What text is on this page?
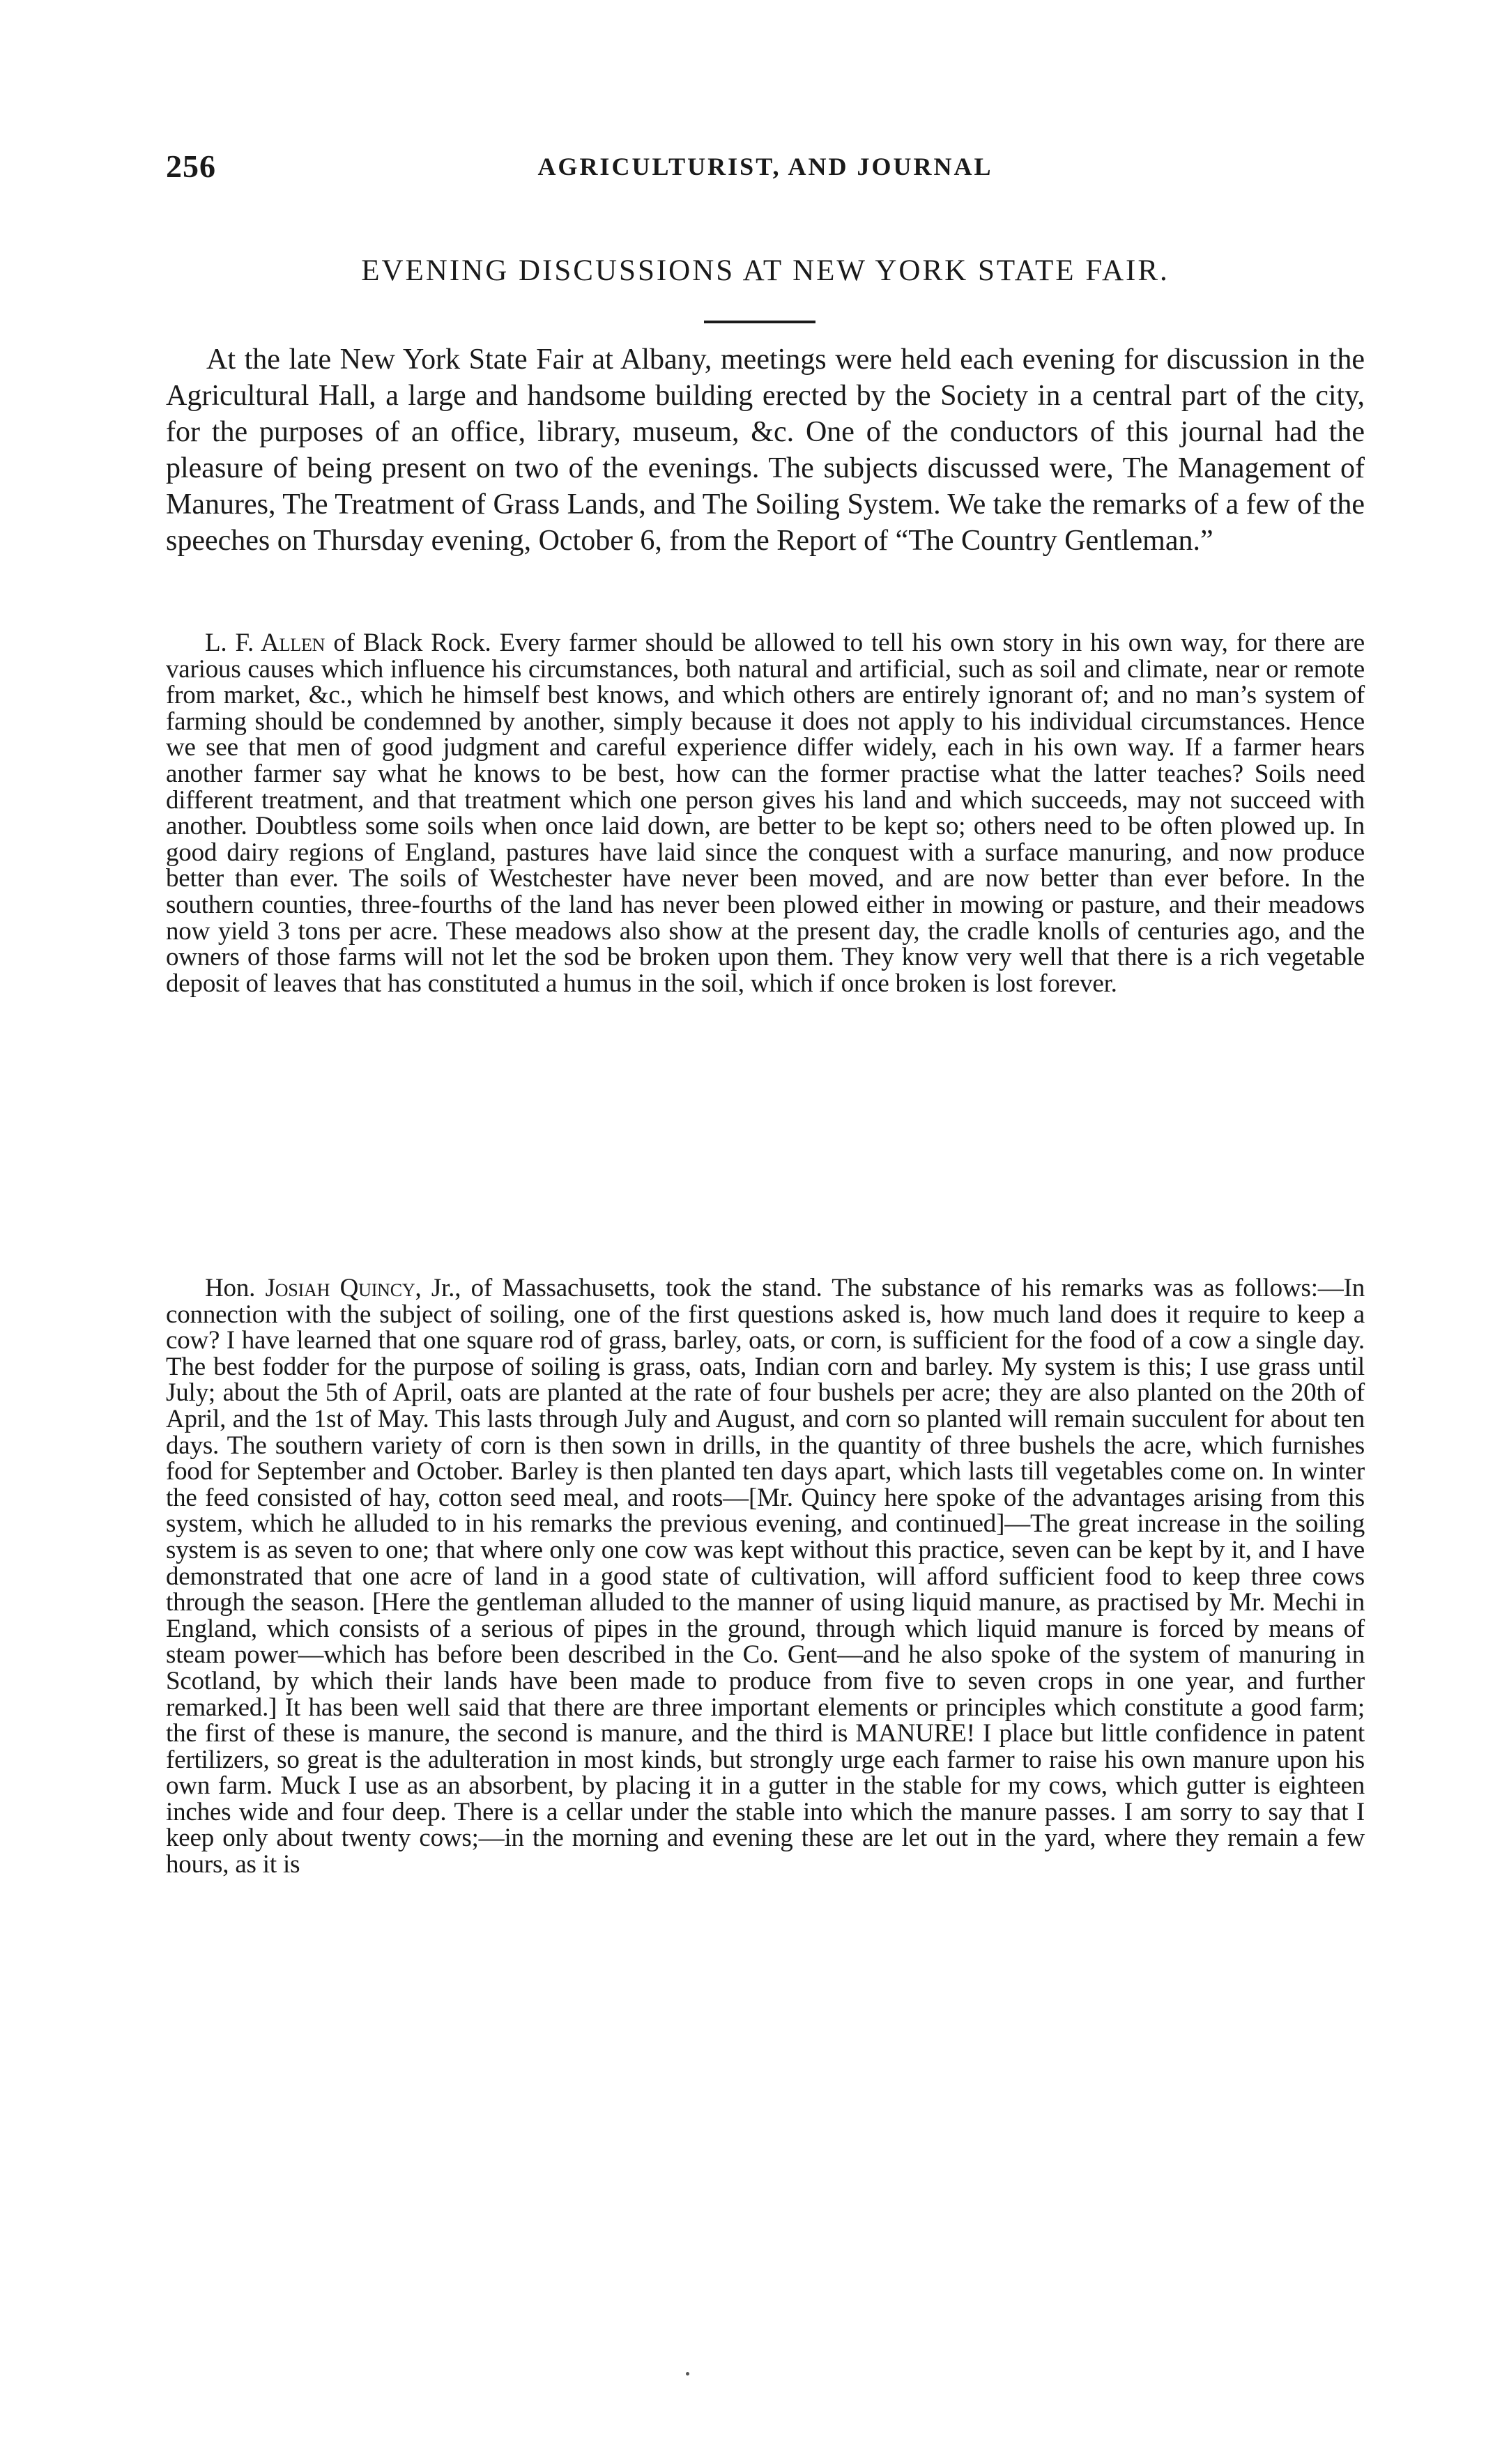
256	AGRICULTURIST, AND JOURNAL
EVENING DISCUSSIONS AT NEW YORK STATE FAIR.

At the late New York State Fair at Albany, meetings were held each evening for discussion in the Agricultural Hall, a large and handsome building erected by the Society in a central part of the city, for the purposes of an office, library, museum, &c. One of the conductors of this journal had the pleasure of being present on two of the evenings. The subjects discussed were, The Management of Manures, The Treatment of Grass Lands, and The Soiling System. We take the remarks of a few of the speeches on Thursday evening, October 6, from the Report of “The Country Gentleman.”

L. F. Allen of Black Rock. Every farmer should be allowed to tell his own story in his own way, for there are various causes which influence his circumstances, both natural and artificial, such as soil and climate, near or remote from market, &c., which he himself best knows, and which others are entirely ignorant of; and no man’s system of farming should be condemned by another, simply because it does not apply to his individual circumstances. Hence we see that men of good judgment and careful experience differ widely, each in his own way. If a farmer hears another farmer say what he knows to be best, how can the former practise what the latter teaches? Soils need different treatment, and that treatment which one person gives his land and which succeeds, may not succeed with another. Doubtless some soils when once laid down, are better to be kept so; others need to be often plowed up. In good dairy regions of England, pastures have laid since the conquest with a surface manuring, and now produce better than ever. The soils of Westchester have never been moved, and are now better than ever before. In the southern counties, three-fourths of the land has never been plowed either in mowing or pasture, and their meadows now yield 3 tons per acre. These meadows also show at the present day, the cradle knolls of centuries ago, and the owners of those farms will not let the sod be broken upon them. They know very well that there is a rich vegetable deposit of leaves that has constituted a humus in the soil, which if once broken is lost forever.

Hon. Josiah Quincy, Jr., of Massachusetts, took the stand. The substance of his remarks was as follows:—In connection with the subject of soiling, one of the first questions asked is, how much land does it require to keep a cow? I have learned that one square rod of grass, barley, oats, or corn, is sufficient for the food of a cow a single day. The best fodder for the purpose of soiling is grass, oats, Indian corn and barley. My system is this; I use grass until July; about the 5th of April, oats are planted at the rate of four bushels per acre; they are also planted on the 20th of April, and the 1st of May. This lasts through July and August, and corn so planted will remain succulent for about ten days. The southern variety of corn is then sown in drills, in the quantity of three bushels the acre, which furnishes food for September and October. Barley is then planted ten days apart, which lasts till vegetables come on. In winter the feed consisted of hay, cotton seed meal, and roots—[Mr. Quincy here spoke of the advantages arising from this system, which he alluded to in his remarks the previous evening, and continued]—The great increase in the soiling system is as seven to one; that where only one cow was kept without this practice, seven can be kept by it, and I have demonstrated that one acre of land in a good state of cultivation, will afford sufficient food to keep three cows through the season. [Here the gentleman alluded to the manner of using liquid manure, as practised by Mr. Mechi in England, which consists of a serious of pipes in the ground, through which liquid manure is forced by means of steam power—which has before been described in the Co. Gent—and he also spoke of the system of manuring in Scotland, by which their lands have been made to produce from five to seven crops in one year, and further remarked.] It has been well said that there are three important elements or principles which constitute a good farm; the first of these is manure, the second is manure, and the third is MANURE! I place but little confidence in patent fertilizers, so great is the adulteration in most kinds, but strongly urge each farmer to raise his own manure upon his own farm. Muck I use as an absorbent, by placing it in a gutter in the stable for my cows, which gutter is eighteen inches wide and four deep. There is a cellar under the stable into which the manure passes. I am sorry to say that I keep only about twenty cows;—in the morning and evening these are let out in the yard, where they remain a few hours, as it is
